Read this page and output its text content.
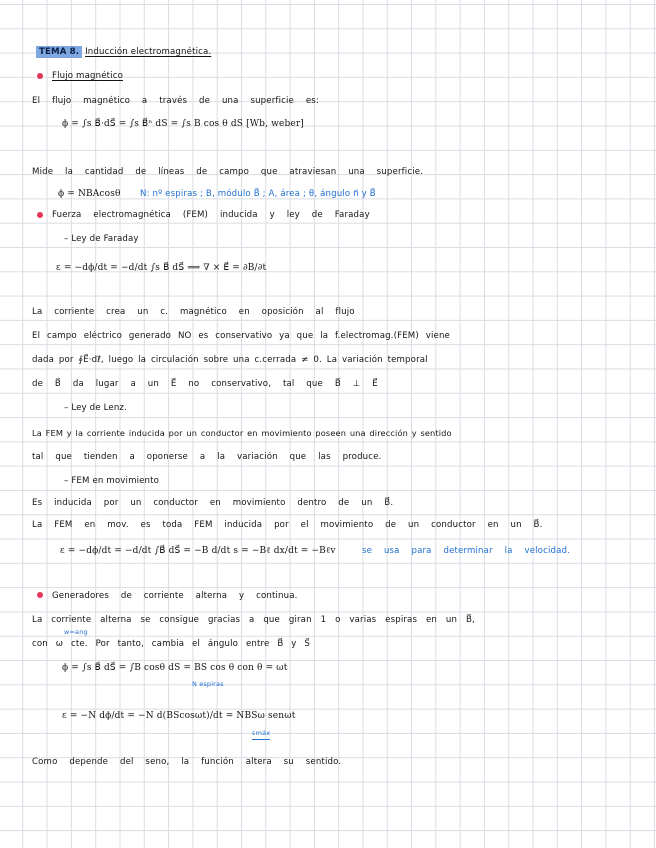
TEMA 8. Inducción electromagnética.
Flujo magnético
El flujo magnético a través de una superficie es:
ϕ = ∫s B⃗·dS⃗ = ∫s B⃗ⁿ dS = ∫s B cos θ dS [Wb, weber]
Mide la cantidad de líneas de campo que atraviesan una superficie.
ϕ = NBAcosθ N: nº espiras ; B, módulo B⃗ ; A, área ; θ, ángulo n⃗ y B⃗
Fuerza electromagnética (FEM) inducida y ley de Faraday
– Ley de Faraday
ε = −dϕ/dt = −d/dt ∫s B⃗ dS⃗ ⟹ ∇ × E⃗ = ∂B/∂t
La corriente crea un c. magnético en oposición al flujo
El campo eléctrico generado NO es conservativo ya que la f.electromag.(FEM) viene
dada por ∮E⃗·dℓ⃗, luego la circulación sobre una c.cerrada ≠ 0. La variación temporal
de B⃗ da lugar a un E⃗ no conservativo, tal que B⃗ ⊥ E⃗
– Ley de Lenz.
La FEM y la corriente inducida por un conductor en movimiento poseen una dirección y sentido
tal que tienden a oponerse a la variación que las produce.
– FEM en movimiento
Es inducida por un conductor en movimiento dentro de un B⃗.
La FEM en mov. es toda FEM inducida por el movimiento de un conductor en un B⃗.
ε = −dϕ/dt = −d/dt ∫B⃗ dS⃗ = −B d/dt s = −Bℓ dx/dt = −Bℓv	se usa para determinar la velocidad.
Generadores de corriente alterna y continua.
La corriente alterna se consigue gracias a que giran 1 o varias espiras en un B⃗,
w=ang
con ω cte. Por tanto, cambia el ángulo entre B⃗ y S⃗
ϕ = ∫s B⃗ dS⃗ = ∫B cosθ dS = BS cos θ con θ = ωt
N espiras
ε = −N dϕ/dt = −N d(BScosωt)/dt = NBSω senωt
εmáx
Como depende del seno, la función altera su sentido.
